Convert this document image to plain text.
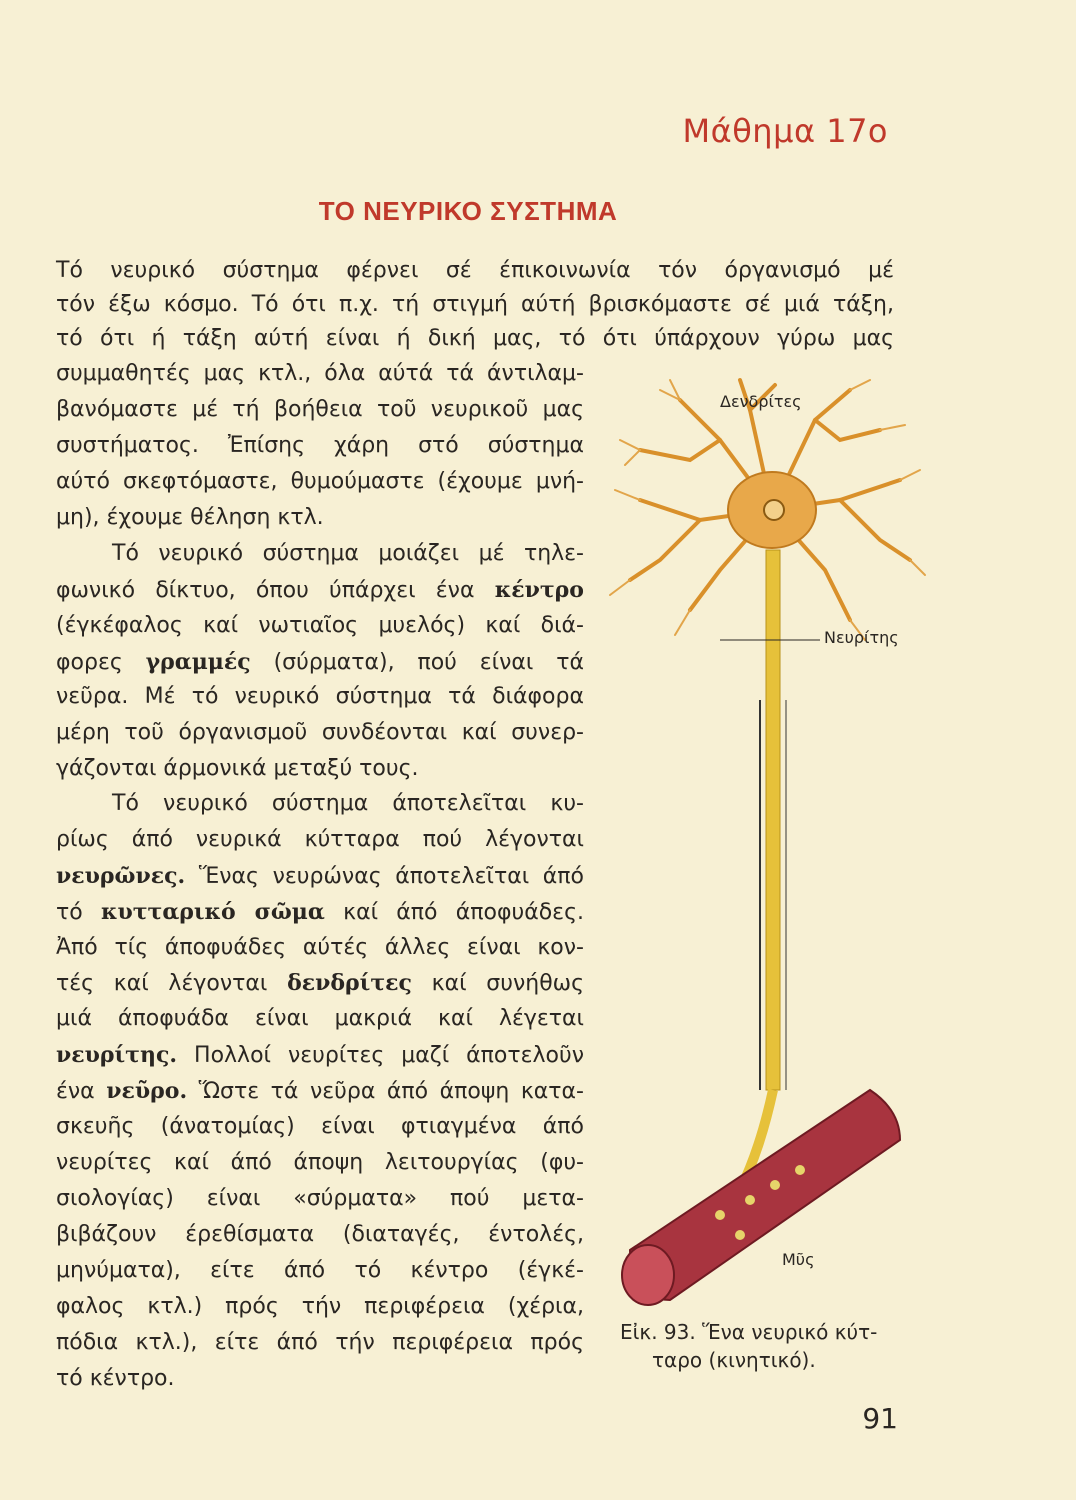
Μάθημα 17ο
ΤΟ ΝΕΥΡΙΚΟ ΣΥΣΤΗΜΑ
Τό νευρικό σύστημα φέρνει σέ έπικοινωνία τόν όργανισμό μέ
τόν έξω κόσμο. Τό ότι π.χ. τή στιγμή αύτή βρισκόμαστε σέ μιά τάξη,
τό ότι ή τάξη αύτή είναι ή δική μας, τό ότι ύπάρχουν γύρω μας
συμμαθητές μας κτλ., όλα αύτά τά άντιλαμ-
βανόμαστε μέ τή βοήθεια τοῦ νευρικοῦ μας
συστήματος. Ἐπίσης χάρη στό σύστημα
αύτό σκεφτόμαστε, θυμούμαστε (έχουμε μνή-
μη), έχουμε θέληση κτλ.
Τό νευρικό σύστημα μοιάζει μέ τηλε-
φωνικό δίκτυο, όπου ύπάρχει ένα κέντρο
(έγκέφαλος καί νωτιαῖος μυελός) καί διά-
φορες γραμμές (σύρματα), πού είναι τά
νεῦρα. Μέ τό νευρικό σύστημα τά διάφορα
μέρη τοῦ όργανισμοῦ συνδέονται καί συνερ-
γάζονται άρμονικά μεταξύ τους.
Τό νευρικό σύστημα άποτελεῖται κυ-
ρίως άπό νευρικά κύτταρα πού λέγονται
νευρῶνες. Ἕνας νευρώνας άποτελεῖται άπό
τό κυτταρικό σῶμα καί άπό άποφυάδες.
Ἀπό τίς άποφυάδες αύτές άλλες είναι κον-
τές καί λέγονται δενδρίτες καί συνήθως
μιά άποφυάδα είναι μακριά καί λέγεται
νευρίτης. Πολλοί νευρίτες μαζί άποτελοῦν
ένα νεῦρο. Ὥστε τά νεῦρα άπό άποψη κατα-
σκευῆς (άνατομίας) είναι φτιαγμένα άπό
νευρίτες καί άπό άποψη λειτουργίας (φυ-
σιολογίας) είναι «σύρματα» πού μετα-
βιβάζουν έρεθίσματα (διαταγές, έντολές,
μηνύματα), είτε άπό τό κέντρο (έγκέ-
φαλος κτλ.) πρός τήν περιφέρεια (χέρια,
πόδια κτλ.), είτε άπό τήν περιφέρεια πρός
τό κέντρο.
Δενδρίτες
Νευρίτης
Μῦς
Εἰκ. 93. Ἕνα νευρικό κύτ-
ταρο (κινητικό).
91
